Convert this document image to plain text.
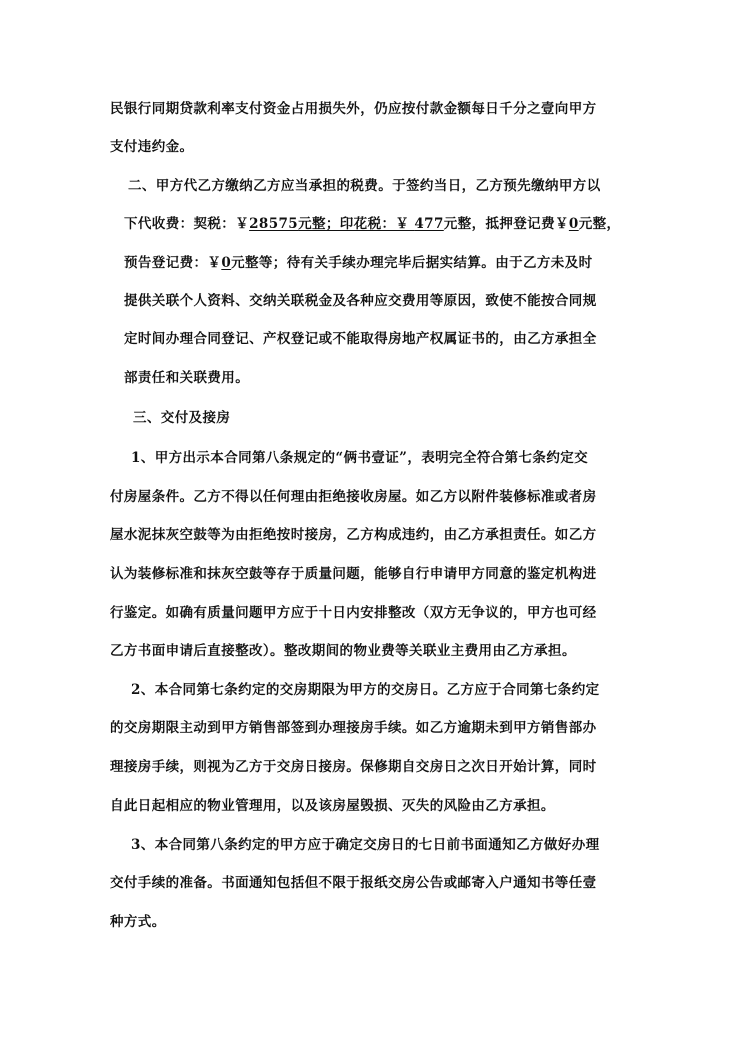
民银行同期贷款利率支付资金占用损失外，仍应按付款金额每日千分之壹向甲方
支付违约金。
二、甲方代乙方缴纳乙方应当承担的税费。于签约当日，乙方预先缴纳甲方以
下代收费：契税：￥28575元整；印花税：￥ 477元整，抵押登记费￥0元整，
预告登记费：￥0元整等；待有关手续办理完毕后据实结算。由于乙方未及时
提供关联个人资料、交纳关联税金及各种应交费用等原因，致使不能按合同规
定时间办理合同登记、产权登记或不能取得房地产权属证书的，由乙方承担全
部责任和关联费用。
三、交付及接房
1、甲方出示本合同第八条规定的“俩书壹证”，表明完全符合第七条约定交
付房屋条件。乙方不得以任何理由拒绝接收房屋。如乙方以附件装修标准或者房
屋水泥抹灰空鼓等为由拒绝按时接房，乙方构成违约，由乙方承担责任。如乙方
认为装修标准和抹灰空鼓等存于质量问题，能够自行申请甲方同意的鉴定机构进
行鉴定。如确有质量问题甲方应于十日内安排整改（双方无争议的，甲方也可经
乙方书面申请后直接整改）。整改期间的物业费等关联业主费用由乙方承担。
2、本合同第七条约定的交房期限为甲方的交房日。乙方应于合同第七条约定
的交房期限主动到甲方销售部签到办理接房手续。如乙方逾期未到甲方销售部办
理接房手续，则视为乙方于交房日接房。保修期自交房日之次日开始计算，同时
自此日起相应的物业管理用，以及该房屋毁损、灭失的风险由乙方承担。
3、本合同第八条约定的甲方应于确定交房日的七日前书面通知乙方做好办理
交付手续的准备。书面通知包括但不限于报纸交房公告或邮寄入户通知书等任壹
种方式。
